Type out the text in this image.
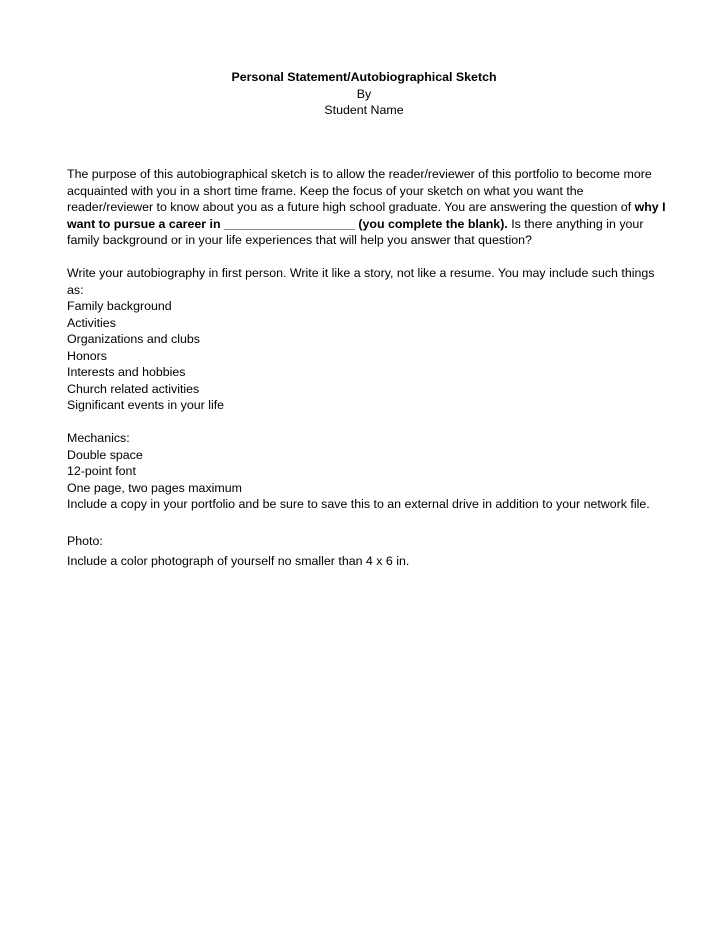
Personal Statement/Autobiographical Sketch
By
Student Name

The purpose of this autobiographical sketch is to allow the reader/reviewer of this portfolio to become more acquainted with you in a short time frame. Keep the focus of your sketch on what you want the reader/reviewer to know about you as a future high school graduate. You are answering the question of why I want to pursue a career in ___________________ (you complete the blank). Is there anything in your family background or in your life experiences that will help you answer that question?

Write your autobiography in first person. Write it like a story, not like a resume. You may include such things as:
Family background
Activities
Organizations and clubs
Honors
Interests and hobbies
Church related activities
Significant events in your life
Mechanics:
Double space
12-point font
One page, two pages maximum
Include a copy in your portfolio and be sure to save this to an external drive in addition to your network file.
Photo:
Include a color photograph of yourself no smaller than 4 x 6 in.
